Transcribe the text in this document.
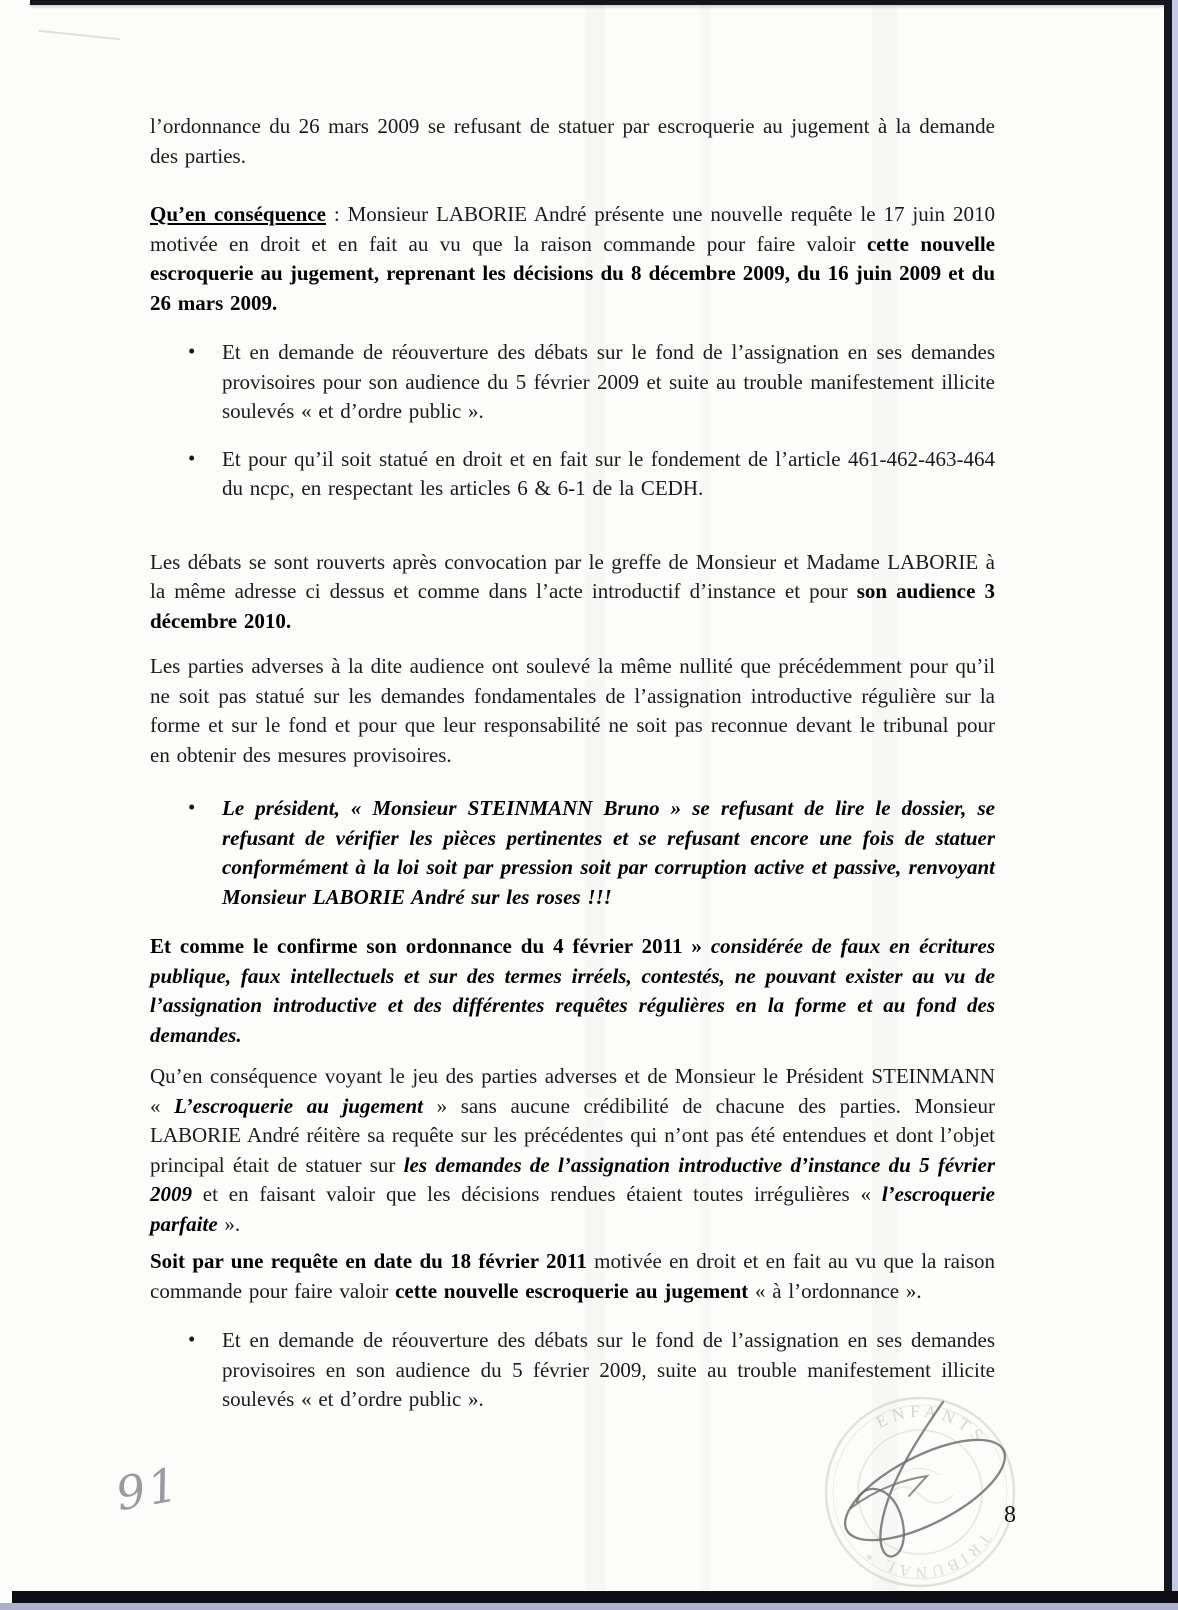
ENFANTS
TRIBUNAL *

l’ordonnance du 26 mars 2009 se refusant de statuer par escroquerie au jugement à la demande des parties.

Qu’en conséquence : Monsieur LABORIE André présente une nouvelle requête le 17 juin 2010 motivée en droit et en fait au vu que la raison commande pour faire valoir cette nouvelle escroquerie au jugement, reprenant les décisions du 8 décembre 2009, du 16 juin 2009 et du 26 mars 2009.

• Et en demande de réouverture des débats sur le fond de l’assignation en ses demandes provisoires pour son audience du 5 février 2009 et suite au trouble manifestement illicite soulevés « et d’ordre public ».
• Et pour qu’il soit statué en droit et en fait sur le fondement de l’article 461-462-463-464 du ncpc, en respectant les articles 6 & 6-1 de la CEDH.

Les débats se sont rouverts après convocation par le greffe de Monsieur et Madame LABORIE à la même adresse ci dessus et comme dans l’acte introductif d’instance et pour son audience 3 décembre 2010.

Les parties adverses à la dite audience ont soulevé la même nullité que précédemment pour qu’il ne soit pas statué sur les demandes fondamentales de l’assignation introductive régulière sur la forme et sur le fond et pour que leur responsabilité ne soit pas reconnue devant le tribunal pour en obtenir des mesures provisoires.

• Le président, « Monsieur STEINMANN Bruno » se refusant de lire le dossier, se refusant de vérifier les pièces pertinentes et se refusant encore une fois de statuer conformément à la loi soit par pression soit par corruption active et passive, renvoyant Monsieur LABORIE André sur les roses !!!

Et comme le confirme son ordonnance du 4 février 2011 » considérée de faux en écritures publique, faux intellectuels et sur des termes irréels, contestés, ne pouvant exister au vu de l’assignation introductive et des différentes requêtes régulières en la forme et au fond des demandes.

Qu’en conséquence voyant le jeu des parties adverses et de Monsieur le Président STEINMANN « L’escroquerie au jugement » sans aucune crédibilité de chacune des parties. Monsieur LABORIE André réitère sa requête sur les précédentes qui n’ont pas été entendues et dont l’objet principal était de statuer sur les demandes de l’assignation introductive d’instance du 5 février 2009 et en faisant valoir que les décisions rendues étaient toutes irrégulières « l’escroquerie parfaite ».

Soit par une requête en date du 18 février 2011 motivée en droit et en fait au vu que la raison commande pour faire valoir cette nouvelle escroquerie au jugement « à l’ordonnance ».

• Et en demande de réouverture des débats sur le fond de l’assignation en ses demandes provisoires en son audience du 5 février 2009, suite au trouble manifestement illicite soulevés « et d’ordre public ».
91	8
